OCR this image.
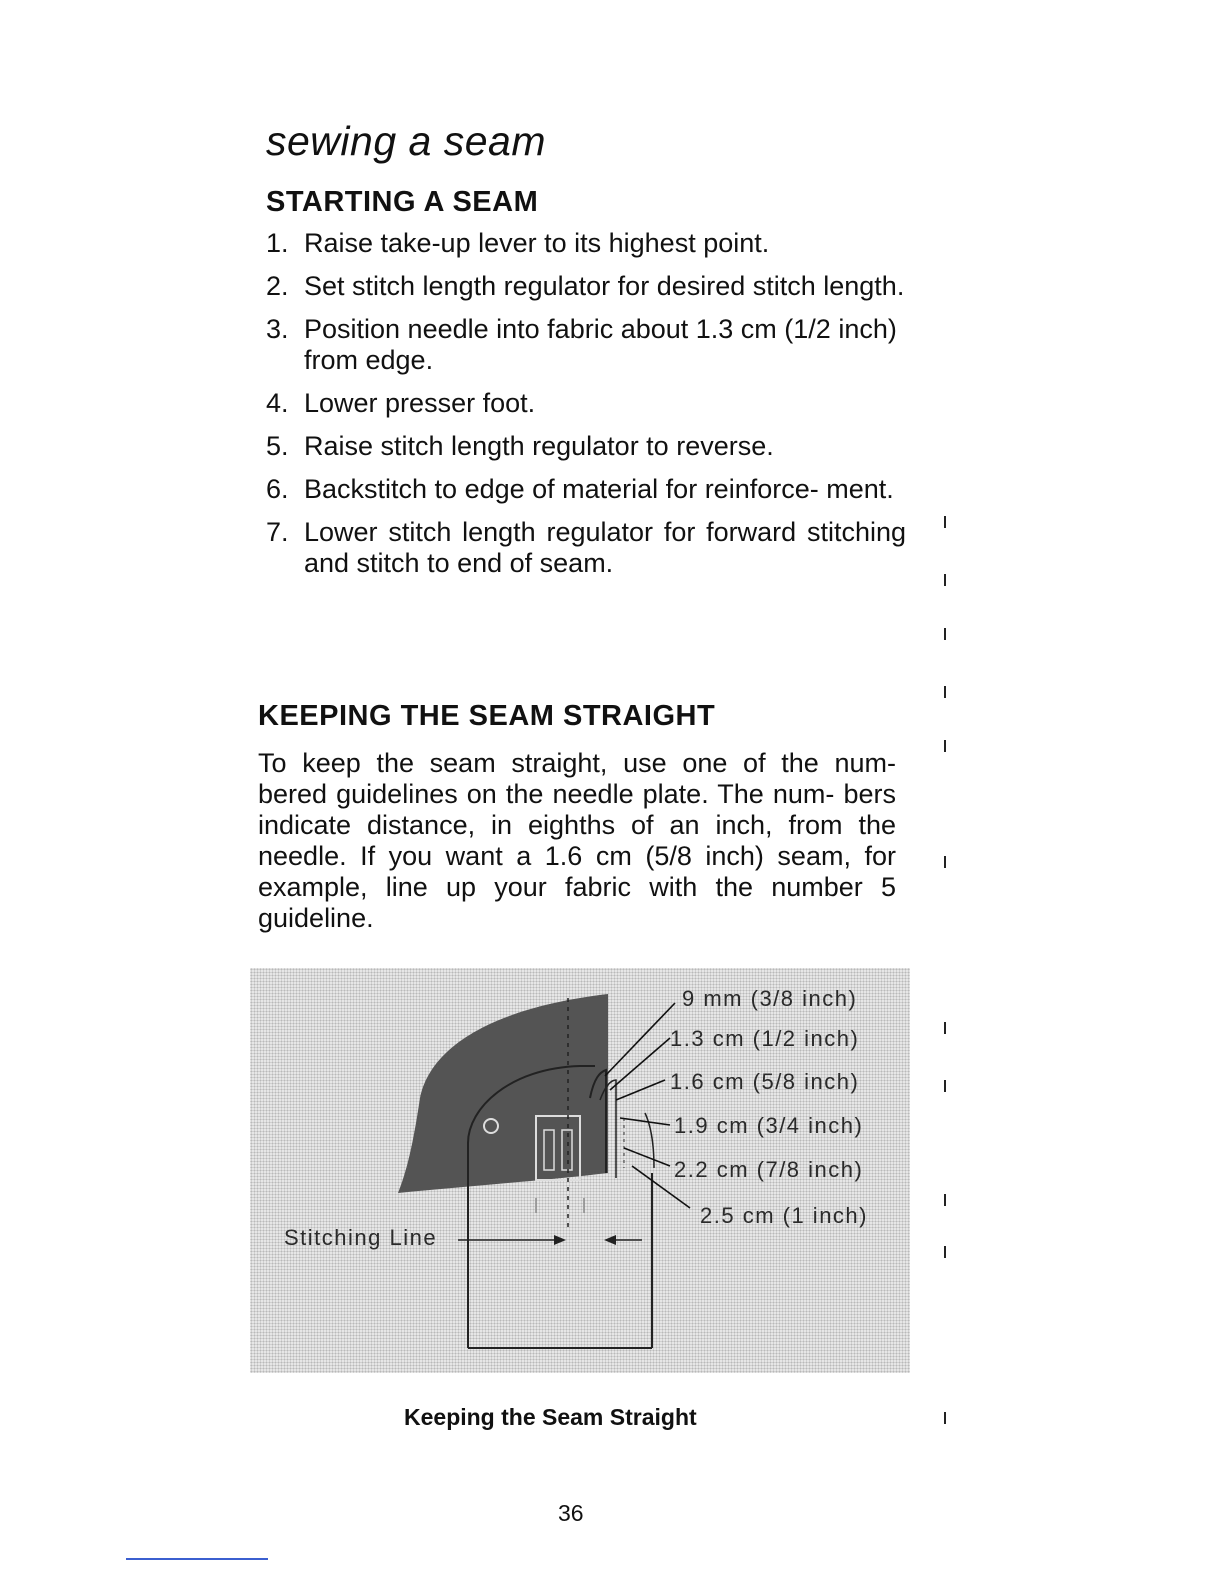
sewing a seam
STARTING A SEAM
1. Raise take-up lever to its highest point.
2. Set stitch length regulator for desired stitch length.
3. Position needle into fabric about 1.3 cm (1/2 inch) from edge.
4. Lower presser foot.
5. Raise stitch length regulator to reverse.
6. Backstitch to edge of material for reinforce- ment.
7. Lower stitch length regulator for forward stitching and stitch to end of seam.
KEEPING THE SEAM STRAIGHT

To keep the seam straight, use one of the num- bered guidelines on the needle plate. The num- bers indicate distance, in eighths of an inch, from the needle. If you want a 1.6 cm (5/8 inch) seam, for example, line up your fabric with the number 5 guideline.

9 mm (3/8 inch)
1.3 cm (1/2 inch)
1.6 cm (5/8 inch)
1.9 cm (3/4 inch)
2.2 cm (7/8 inch)
2.5 cm (1 inch)
Stitching Line

Keeping the Seam Straight

36
